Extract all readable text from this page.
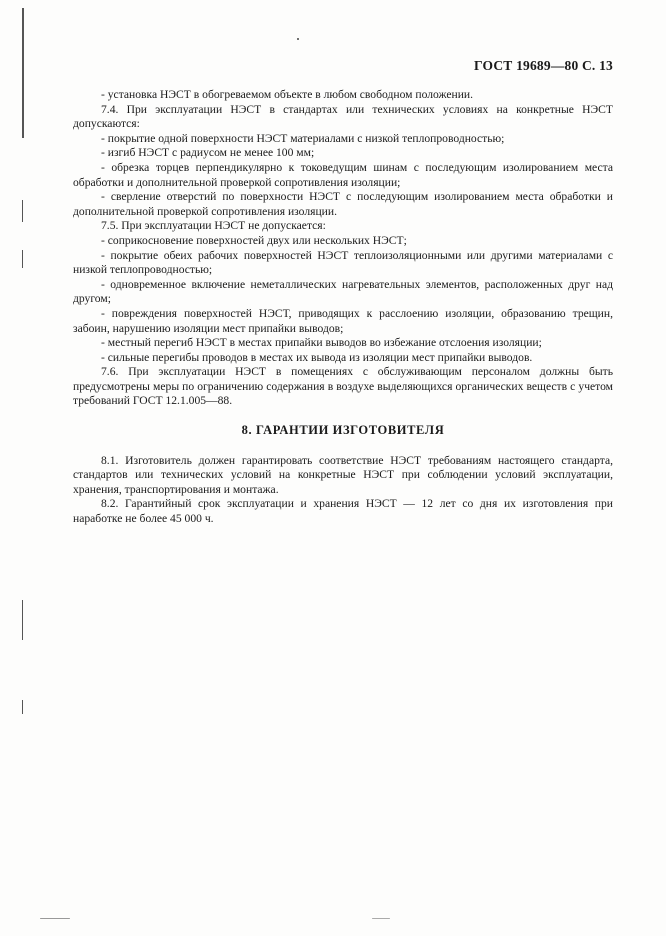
ГОСТ 19689—80 С. 13

- установка НЭСТ в обогреваемом объекте в любом свободном положении.

7.4. При эксплуатации НЭСТ в стандартах или технических условиях на конкретные НЭСТ допускаются:

- покрытие одной поверхности НЭСТ материалами с низкой теплопроводностью;

- изгиб НЭСТ с радиусом не менее 100 мм;

- обрезка торцев перпендикулярно к токоведущим шинам с последующим изолированием места обработки и дополнительной проверкой сопротивления изоляции;

- сверление отверстий по поверхности НЭСТ с последующим изолированием места обработки и дополнительной проверкой сопротивления изоляции.

7.5. При эксплуатации НЭСТ не допускается:

- соприкосновение поверхностей двух или нескольких НЭСТ;

- покрытие обеих рабочих поверхностей НЭСТ теплоизоляционными или другими материалами с низкой теплопроводностью;

- одновременное включение неметаллических нагревательных элементов, расположенных друг над другом;

- повреждения поверхностей НЭСТ, приводящих к расслоению изоляции, образованию трещин, забоин, нарушению изоляции мест припайки выводов;

- местный перегиб НЭСТ в местах припайки выводов во избежание отслоения изоляции;

- сильные перегибы проводов в местах их вывода из изоляции мест припайки выводов.

7.6. При эксплуатации НЭСТ в помещениях с обслуживающим персоналом должны быть предусмотрены меры по ограничению содержания в воздухе выделяющихся органических веществ с учетом требований ГОСТ 12.1.005—88.

8. ГАРАНТИИ ИЗГОТОВИТЕЛЯ

8.1. Изготовитель должен гарантировать соответствие НЭСТ требованиям настоящего стандарта, стандартов или технических условий на конкретные НЭСТ при соблюдении условий эксплуатации, хранения, транспортирования и монтажа.

8.2. Гарантийный срок эксплуатации и хранения НЭСТ — 12 лет со дня их изготовления при наработке не более 45 000 ч.
